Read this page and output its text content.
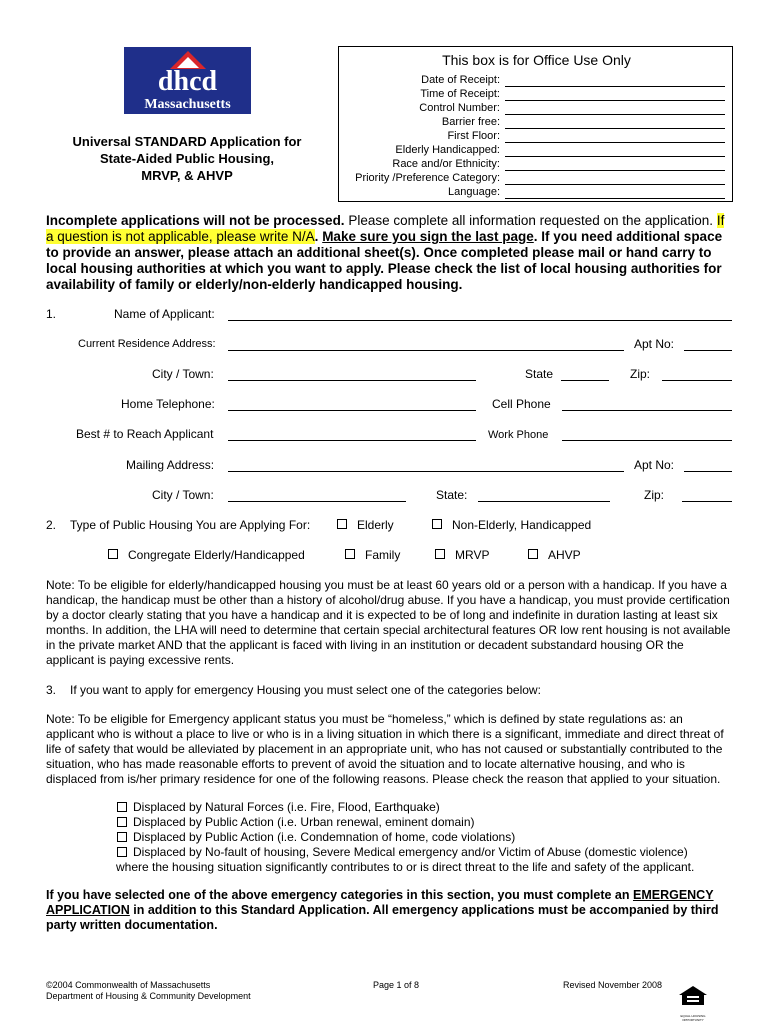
dhcd
Massachusetts
Universal STANDARD Application for
State-Aided Public Housing,
MRVP, & AHVP
This box is for Office Use Only
Date of Receipt:
Time of Receipt:
Control Number:
Barrier free:
First Floor:
Elderly Handicapped:
Race and/or Ethnicity:
Priority /Preference Category:
Language:
Incomplete applications will not be processed. Please complete all information requested on the application. If a question is not applicable, please write N/A. Make sure you sign the last page. If you need additional space to provide an answer, please attach an additional sheet(s). Once completed please mail or hand carry to local housing authorities at which you want to apply. Please check the list of local housing authorities for availability of family or elderly/non-elderly handicapped housing.
1.	Name of Applicant:
Current Residence Address:	Apt No:
City / Town:	State	Zip:
Home Telephone:	Cell Phone
Best # to Reach Applicant	Work Phone
Mailing Address:	Apt No:
City / Town:	State:	Zip:
2. Type of Public Housing You are Applying For:	Elderly	Non-Elderly, Handicapped
Congregate Elderly/Handicapped	Family	MRVP	AHVP
Note: To be eligible for elderly/handicapped housing you must be at least 60 years old or a person with a handicap. If you have a handicap, the handicap must be other than a history of alcohol/drug abuse. If you have a handicap, you must provide certification by a doctor clearly stating that you have a handicap and it is expected to be of long and indefinite in duration lasting at least six months. In addition, the LHA will need to determine that certain special architectural features OR low rent housing is not available in the private market AND that the applicant is faced with living in an institution or decadent substandard housing OR the applicant is paying excessive rents.
3. If you want to apply for emergency Housing you must select one of the categories below:
Note: To be eligible for Emergency applicant status you must be “homeless,” which is defined by state regulations as: an applicant who is without a place to live or who is in a living situation in which there is a significant, immediate and direct threat of life of safety that would be alleviated by placement in an appropriate unit, who has not caused or substantially contributed to the situation, who has made reasonable efforts to prevent of avoid the situation and to locate alternative housing, and who is displaced from is/her primary residence for one of the following reasons. Please check the reason that applied to your situation.
Displaced by Natural Forces (i.e. Fire, Flood, Earthquake)
Displaced by Public Action (i.e. Urban renewal, eminent domain)
Displaced by Public Action (i.e. Condemnation of home, code violations)
Displaced by No-fault of housing, Severe Medical emergency and/or Victim of Abuse (domestic violence)
where the housing situation significantly contributes to or is direct threat to the life and safety of the applicant.
If you have selected one of the above emergency categories in this section, you must complete an EMERGENCY APPLICATION in addition to this Standard Application. All emergency applications must be accompanied by third party written documentation.
©2004 Commonwealth of Massachusetts
Department of Housing & Community Development
Page 1 of 8	Revised November 2008
EQUAL HOUSING OPPORTUNITY
